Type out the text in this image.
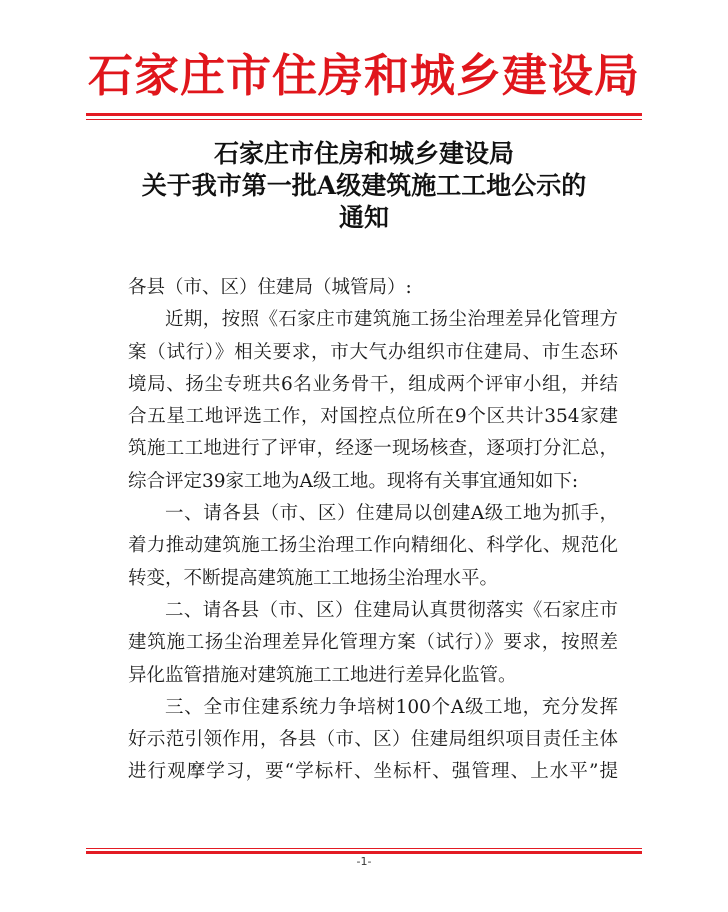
石家庄市住房和城乡建设局
石家庄市住房和城乡建设局
关于我市第一批A级建筑施工工地公示的
通知

各县（市、区）住建局（城管局）:

近期，按照《石家庄市建筑施工扬尘治理差异化管理方
案（试行）》相关要求，市大气办组织市住建局、市生态环
境局、扬尘专班共6名业务骨干，组成两个评审小组，并结
合五星工地评选工作，对国控点位所在9个区共计354家建
筑施工工地进行了评审，经逐一现场核查，逐项打分汇总，
综合评定39家工地为A级工地。现将有关事宜通知如下:

一、请各县（市、区）住建局以创建A级工地为抓手，
着力推动建筑施工扬尘治理工作向精细化、科学化、规范化
转变，不断提高建筑施工工地扬尘治理水平。

二、请各县（市、区）住建局认真贯彻落实《石家庄市
建筑施工扬尘治理差异化管理方案（试行）》要求，按照差
异化监管措施对建筑施工工地进行差异化监管。

三、全市住建系统力争培树100个A级工地，充分发挥
好示范引领作用，各县（市、区）住建局组织项目责任主体
进行观摩学习，要“学标杆、坐标杆、强管理、上水平”提

-1-
